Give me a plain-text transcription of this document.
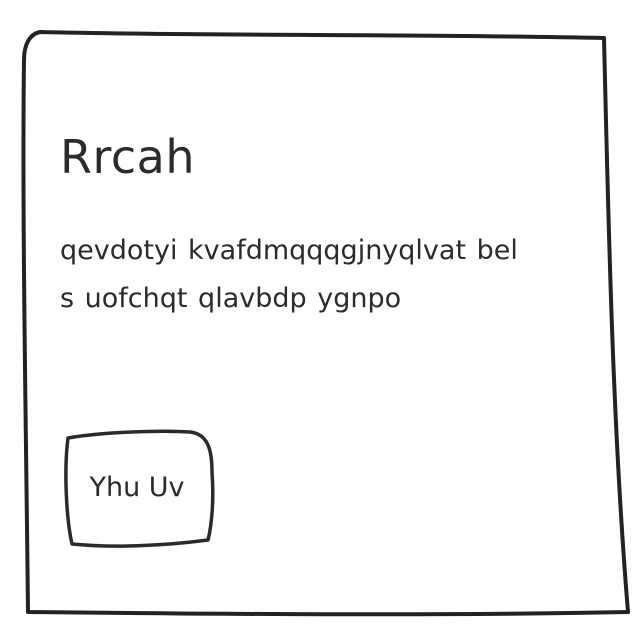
Rrcah

qevdotyi kvafdmqqqgjnyqlvat bel s uofchqt qlavbdp ygnpo

Yhu Uv
